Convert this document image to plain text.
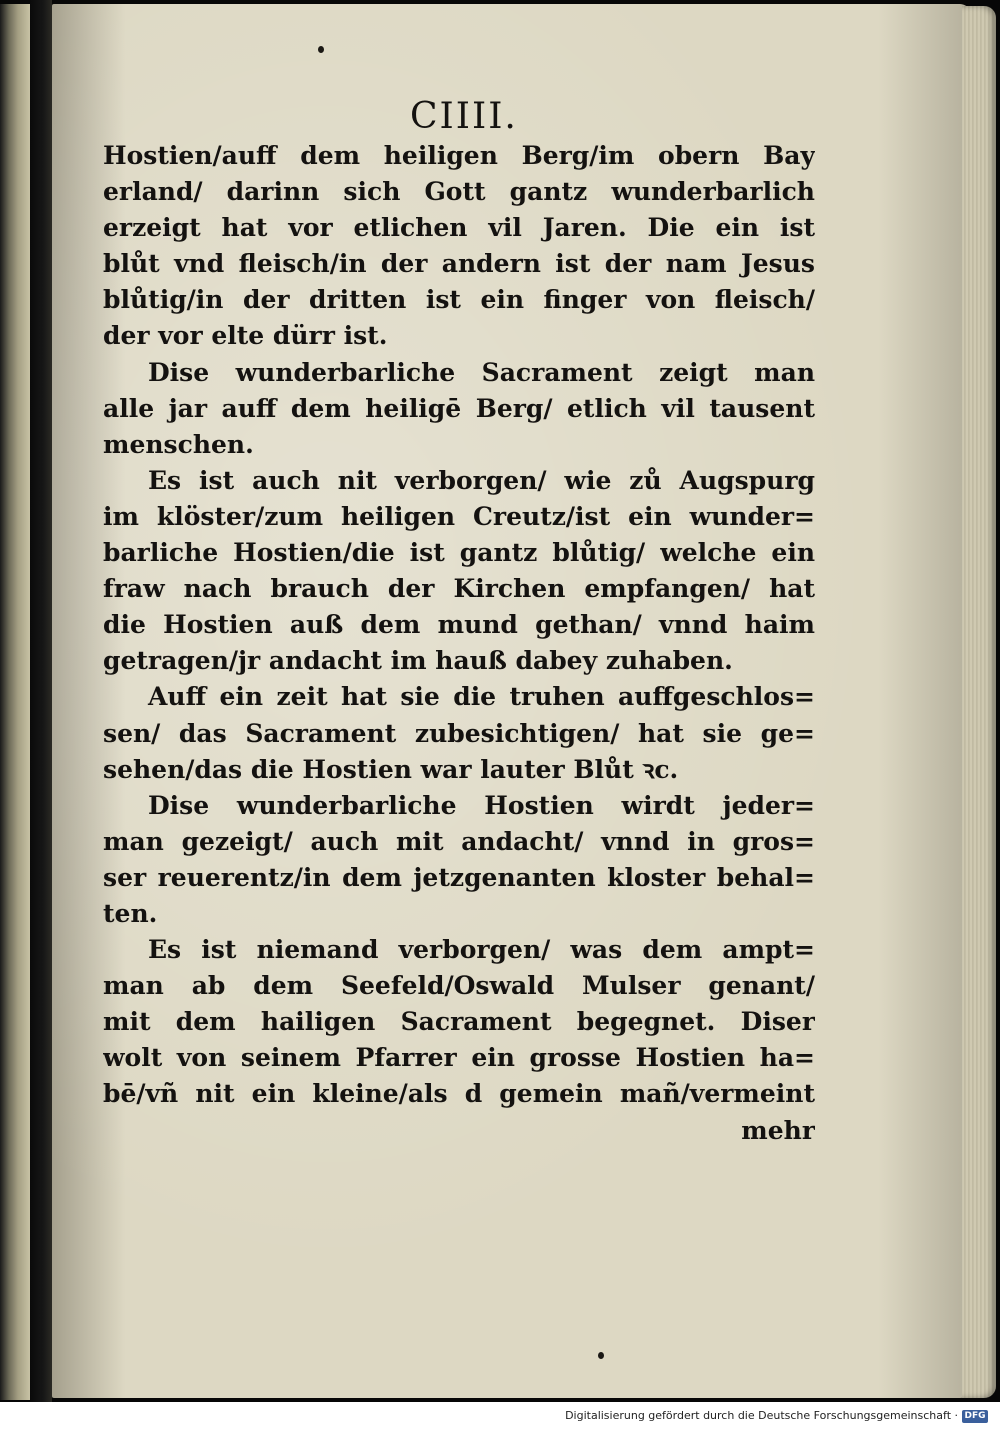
CIIII.
Hostien/auff dem heiligen Berg/im obern Bay
erland/ darinn sich Gott gantz wunderbarlich
erzeigt hat vor etlichen vil Jaren. Die ein ist
blůt vnd fleisch/in der andern ist der nam Jesus
blůtig/in der dritten ist ein finger von fleisch/
der vor elte dürr ist.
Dise wunderbarliche Sacrament zeigt man
alle jar auff dem heiligē Berg/ etlich vil tausent
menschen.
Es ist auch nit verborgen/ wie zů Augspurg
im klöster/zum heiligen Creutz/ist ein wunder=
barliche Hostien/die ist gantz blůtig/ welche ein
fraw nach brauch der Kirchen empfangen/ hat
die Hostien auß dem mund gethan/ vnnd haim
getragen/jr andacht im hauß dabey zuhaben.
Auff ein zeit hat sie die truhen auffgeschlos=
sen/ das Sacrament zubesichtigen/ hat sie ge=
sehen/das die Hostien war lauter Blůt ꝛc.
Dise wunderbarliche Hostien wirdt jeder=
man gezeigt/ auch mit andacht/ vnnd in gros=
ser reuerentz/in dem jetzgenanten kloster behal=
ten.
Es ist niemand verborgen/ was dem ampt=
man ab dem Seefeld/Oswald Mulser genant/
mit dem hailigen Sacrament begegnet. Diser
wolt von seinem Pfarrer ein grosse Hostien ha=
bē/vñ nit ein kleine/als d gemein mañ/vermeint
mehr
Digitalisierung gefördert durch die Deutsche Forschungsgemeinschaft · DFG
